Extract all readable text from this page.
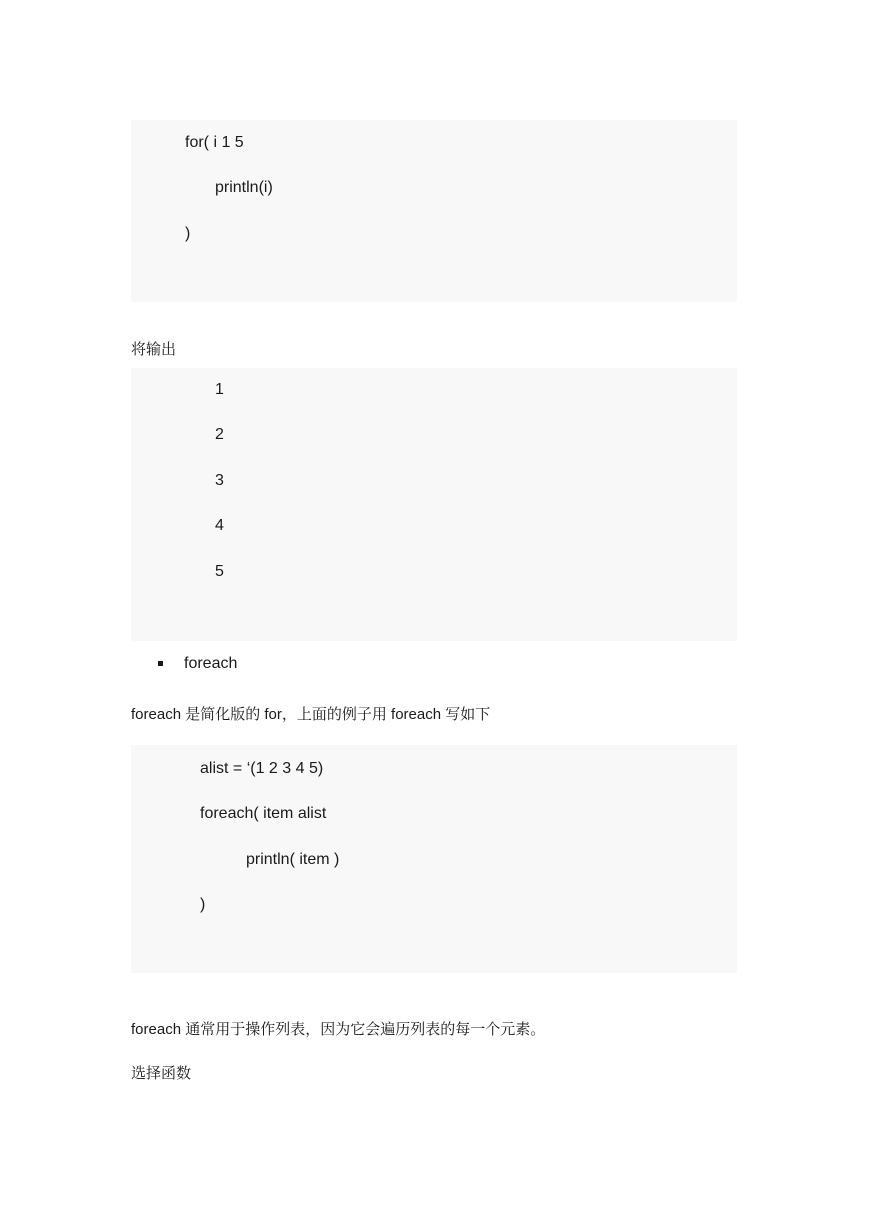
for( i 1 5
println(i)
)
将输出
1
2
3
4
5
foreach
foreach 是简化版的 for，上面的例子用 foreach 写如下
alist = ‘(1 2 3 4 5)
foreach( item alist
println( item )
)
foreach 通常用于操作列表，因为它会遍历列表的每一个元素。
选择函数
